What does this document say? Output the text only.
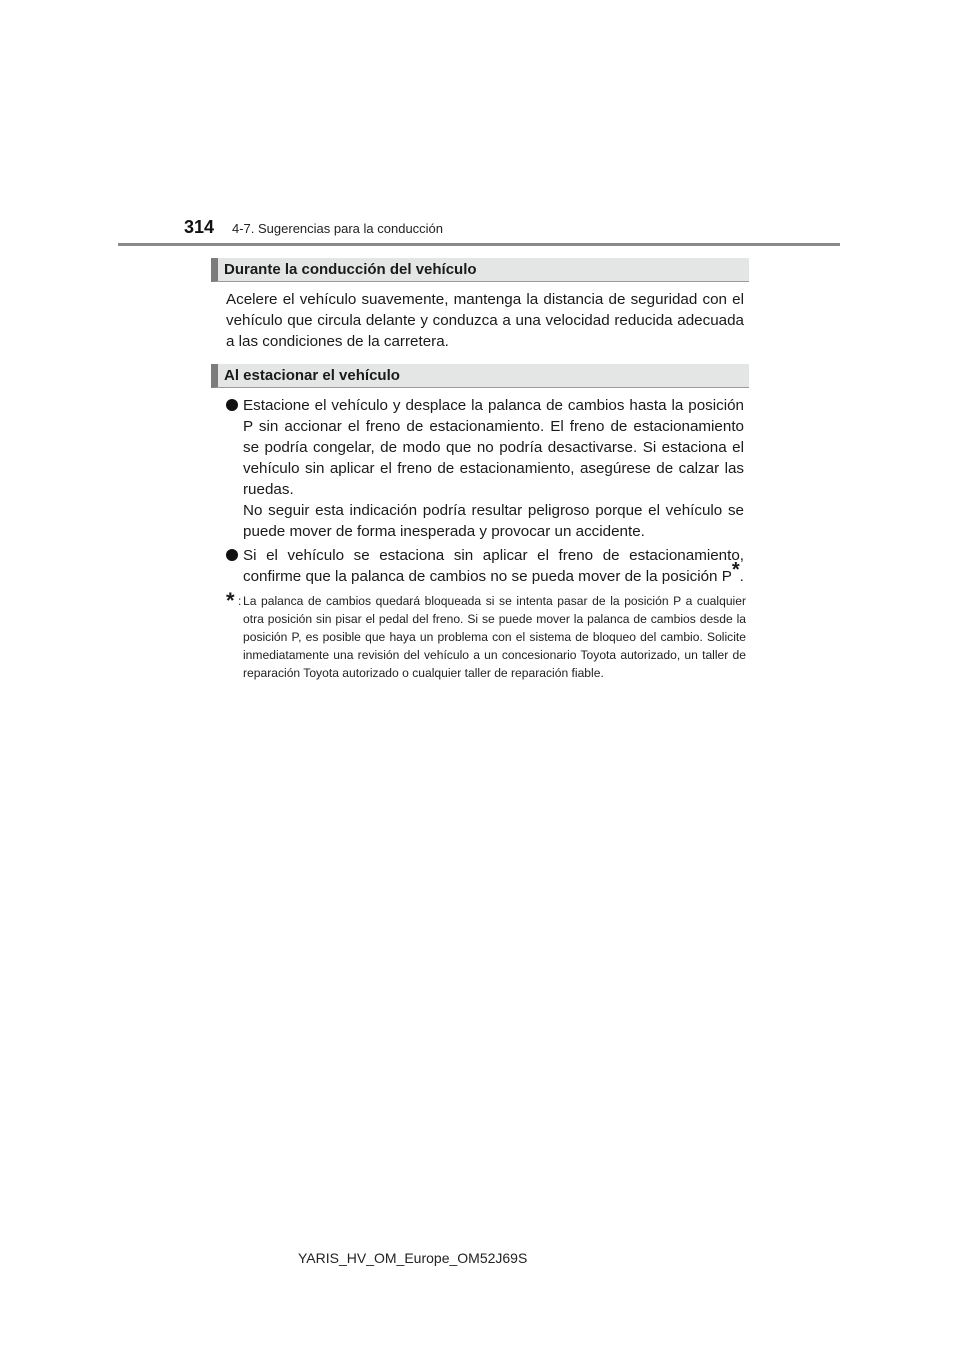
314 4-7. Sugerencias para la conducción
Durante la conducción del vehículo

Acelere el vehículo suavemente, mantenga la distancia de seguridad con el vehículo que circula delante y conduzca a una velocidad reducida adecuada a las condiciones de la carretera.

Al estacionar el vehículo

Estacione el vehículo y desplace la palanca de cambios hasta la posición P sin accionar el freno de estacionamiento. El freno de estacionamiento se podría congelar, de modo que no podría desactivarse. Si estaciona el vehículo sin aplicar el freno de estacionamiento, asegúrese de calzar las ruedas.

No seguir esta indicación podría resultar peligroso porque el vehículo se puede mover de forma inesperada y provocar un accidente.

Si el vehículo se estaciona sin aplicar el freno de estacionamiento, confirme que la palanca de cambios no se pueda mover de la posición P*.

* : La palanca de cambios quedará bloqueada si se intenta pasar de la posición P a cualquier otra posición sin pisar el pedal del freno. Si se puede mover la palanca de cambios desde la posición P, es posible que haya un problema con el sistema de bloqueo del cambio. Solicite inmediatamente una revisión del vehículo a un concesionario Toyota autorizado, un taller de reparación Toyota autorizado o cualquier taller de reparación fiable.
YARIS_HV_OM_Europe_OM52J69S
